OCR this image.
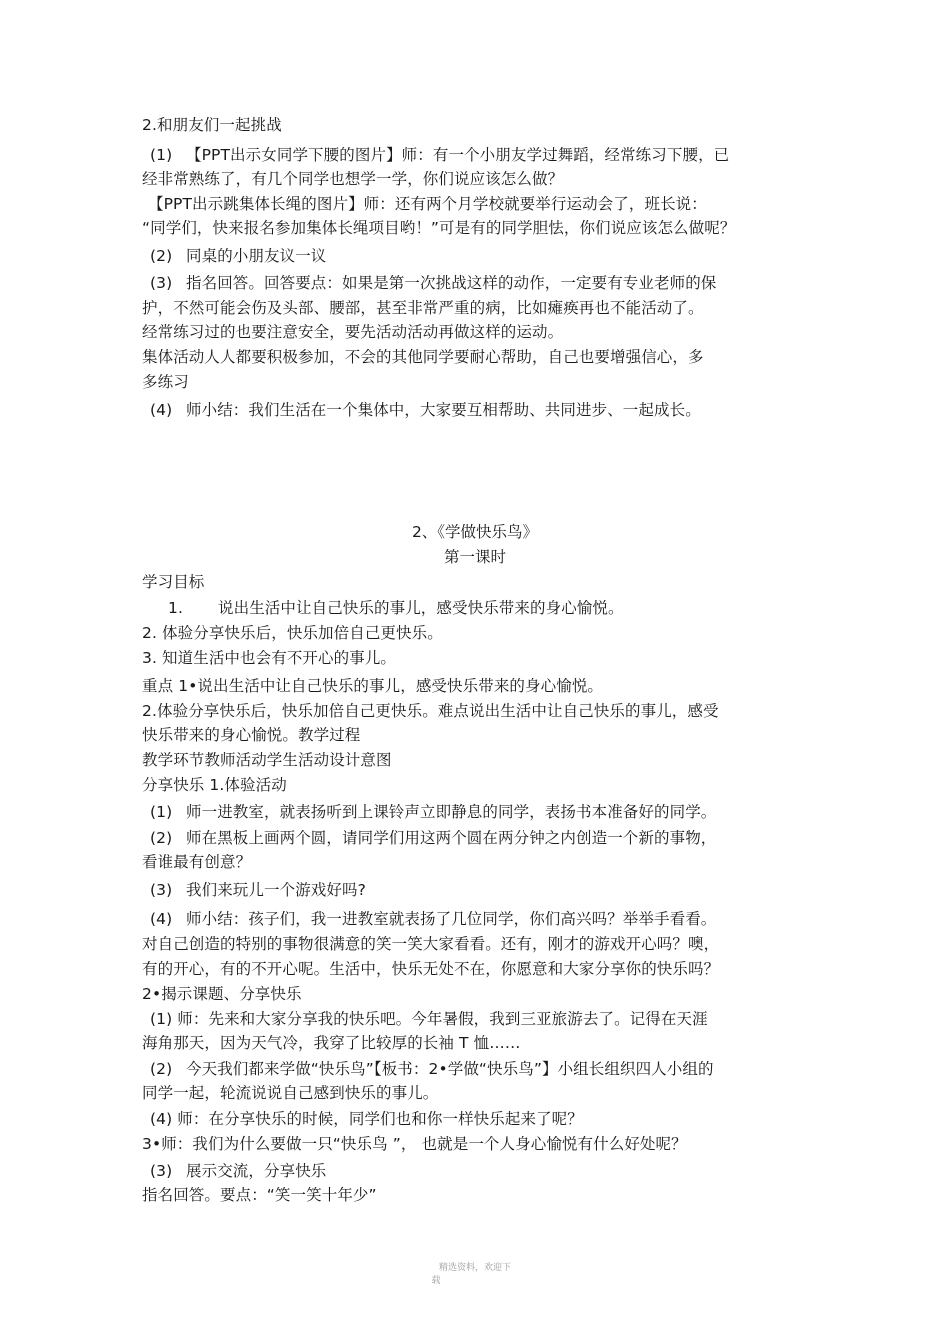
2.和朋友们一起挑战
(1) 【PPT出示女同学下腰的图片】师：有一个小朋友学过舞蹈，经常练习下腰，已
经非常熟练了，有几个同学也想学一学，你们说应该怎么做？
【PPT出示跳集体长绳的图片】师：还有两个月学校就要举行运动会了，班长说：
“同学们，快来报名参加集体长绳项目哟！”可是有的同学胆怯，你们说应该怎么做呢？
(2) 同桌的小朋友议一议
(3) 指名回答。回答要点：如果是第一次挑战这样的动作，一定要有专业老师的保
护，不然可能会伤及头部、腰部，甚至非常严重的病，比如瘫痪再也不能活动了。
经常练习过的也要注意安全，要先活动活动再做这样的运动。
集体活动人人都要积极参加，不会的其他同学要耐心帮助，自己也要增强信心，多
多练习
(4) 师小结：我们生活在一个集体中，大家要互相帮助、共同进步、一起成长。
2、《学做快乐鸟》
第一课时
学习目标
1. 说出生活中让自己快乐的事儿，感受快乐带来的身心愉悦。
2. 体验分享快乐后，快乐加倍自己更快乐。
3. 知道生活中也会有不开心的事儿。
重点 1•说出生活中让自己快乐的事儿，感受快乐带来的身心愉悦。
2.体验分享快乐后，快乐加倍自己更快乐。难点说出生活中让自己快乐的事儿，感受
快乐带来的身心愉悦。教学过程
教学环节教师活动学生活动设计意图
分享快乐 1.体验活动
(1) 师一进教室，就表扬听到上课铃声立即静息的同学，表扬书本准备好的同学。
(2) 师在黑板上画两个圆，请同学们用这两个圆在两分钟之内创造一个新的事物，
看谁最有创意？
(3) 我们来玩儿一个游戏好吗?
(4) 师小结：孩子们，我一进教室就表扬了几位同学，你们高兴吗？举举手看看。
对自己创造的特别的事物很满意的笑一笑大家看看。还有，刚才的游戏开心吗？噢，
有的开心，有的不开心呢。生活中，快乐无处不在，你愿意和大家分享你的快乐吗？
2•揭示课题、分享快乐
(1) 师：先来和大家分享我的快乐吧。今年暑假，我到三亚旅游去了。记得在天涯
海角那天，因为天气冷，我穿了比较厚的长袖 T 恤……
(2) 今天我们都来学做“快乐鸟”【板书：2•学做“快乐鸟”】小组长组织四人小组的
同学一起，轮流说说自己感到快乐的事儿。
(4) 师：在分享快乐的时候，同学们也和你一样快乐起来了呢？
3•师：我们为什么要做一只“快乐鸟 ”， 也就是一个人身心愉悦有什么好处呢？
(3) 展示交流，分享快乐
指名回答。要点：“笑一笑十年少”
精选资料，欢迎下
载
